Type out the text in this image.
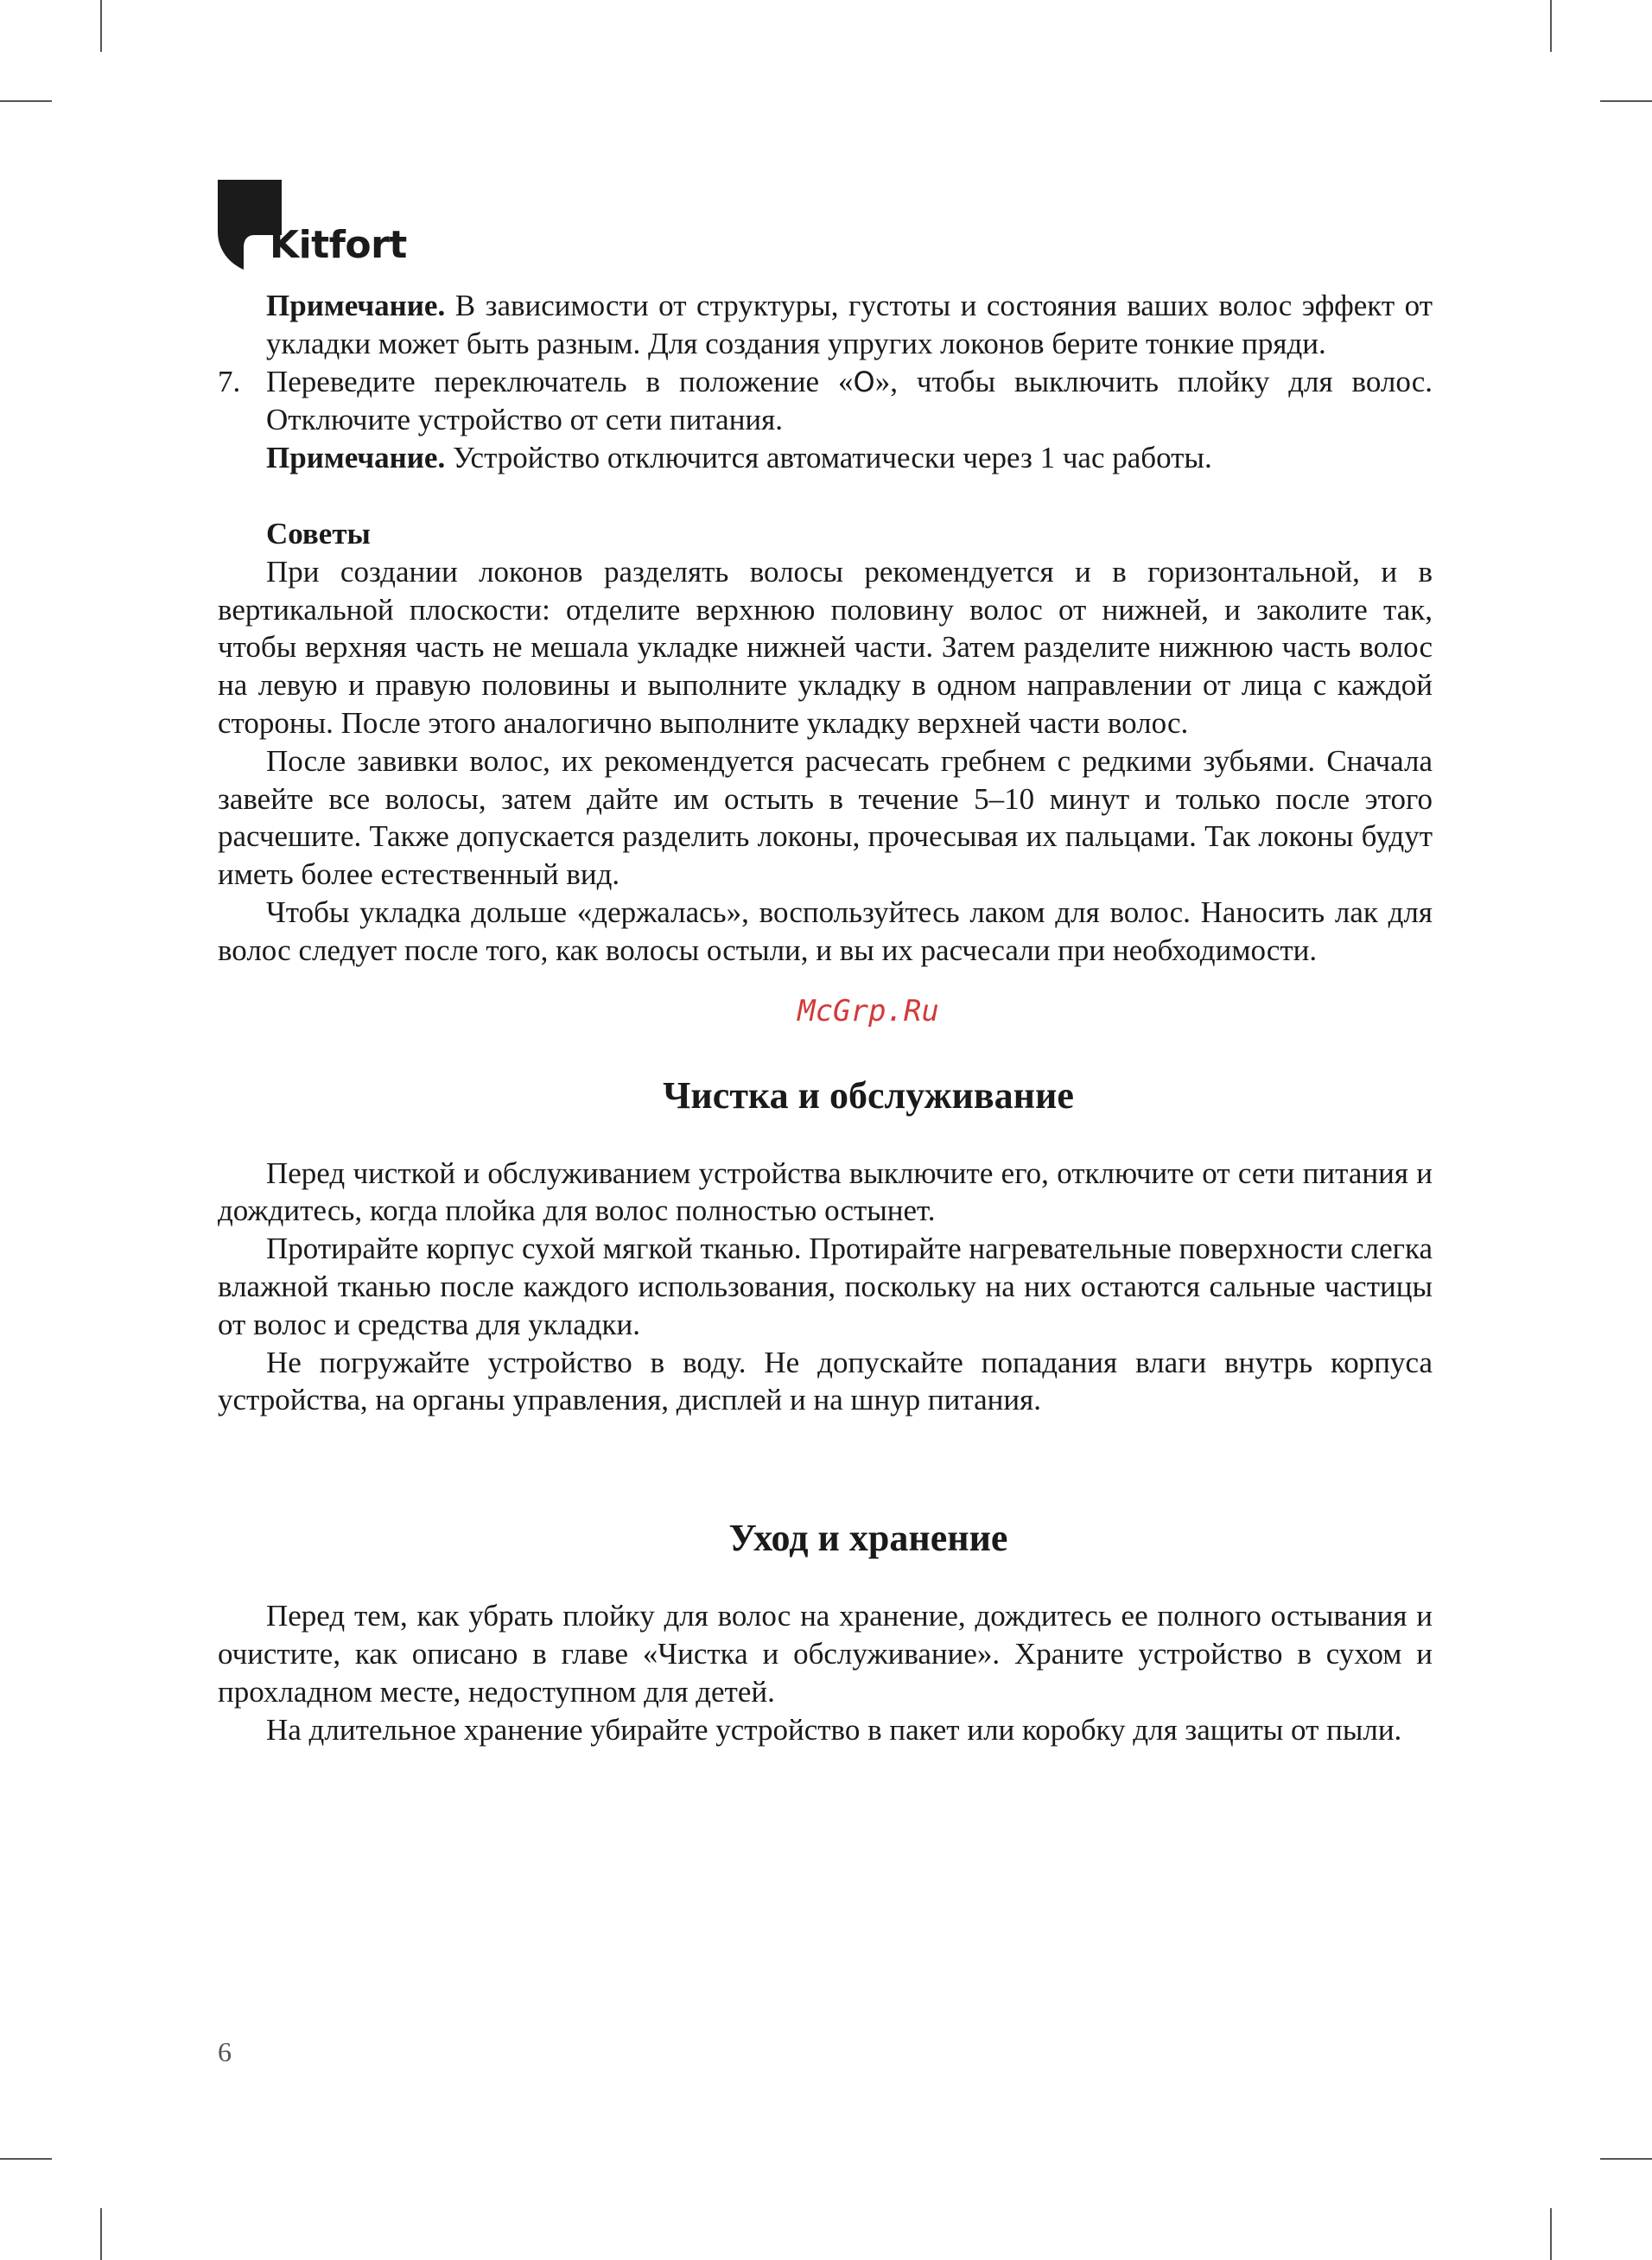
Kitfort

Примечание. В зависимости от структуры, густоты и состояния ваших волос эффект от укладки может быть разным. Для создания упругих локонов берите тонкие пряди.

7. Переведите переключатель в положение «O», чтобы выключить плойку для волос. Отключите устройство от сети питания.

Примечание. Устройство отключится автоматически через 1 час работы.

Советы

При создании локонов разделять волосы рекомендуется и в горизонтальной, и в вертикальной плоскости: отделите верхнюю половину волос от нижней, и заколите так, чтобы верхняя часть не мешала укладке нижней части. Затем разделите нижнюю часть волос на левую и правую половины и выполните укладку в одном направлении от лица с каждой стороны. После этого аналогично выполните укладку верхней части волос.

После завивки волос, их рекомендуется расчесать гребнем с редкими зубьями. Сначала завейте все волосы, затем дайте им остыть в течение 5–10 минут и только после этого расчешите. Также допускается разделить локоны, прочесывая их пальцами. Так локоны будут иметь более естественный вид.

Чтобы укладка дольше «держалась», воспользуйтесь лаком для волос. Наносить лак для волос следует после того, как волосы остыли, и вы их расчесали при необходимости.

McGrp.Ru
Чистка и обслуживание

Перед чисткой и обслуживанием устройства выключите его, отключите от сети питания и дождитесь, когда плойка для волос полностью остынет.

Протирайте корпус сухой мягкой тканью. Протирайте нагревательные поверхности слегка влажной тканью после каждого использования, поскольку на них остаются сальные частицы от волос и средства для укладки.

Не погружайте устройство в воду. Не допускайте попадания влаги внутрь корпуса устройства, на органы управления, дисплей и на шнур питания.

Уход и хранение

Перед тем, как убрать плойку для волос на хранение, дождитесь ее полного остывания и очистите, как описано в главе «Чистка и обслуживание». Храните устройство в сухом и прохладном месте, недоступном для детей.

На длительное хранение убирайте устройство в пакет или коробку для защиты от пыли.

6
